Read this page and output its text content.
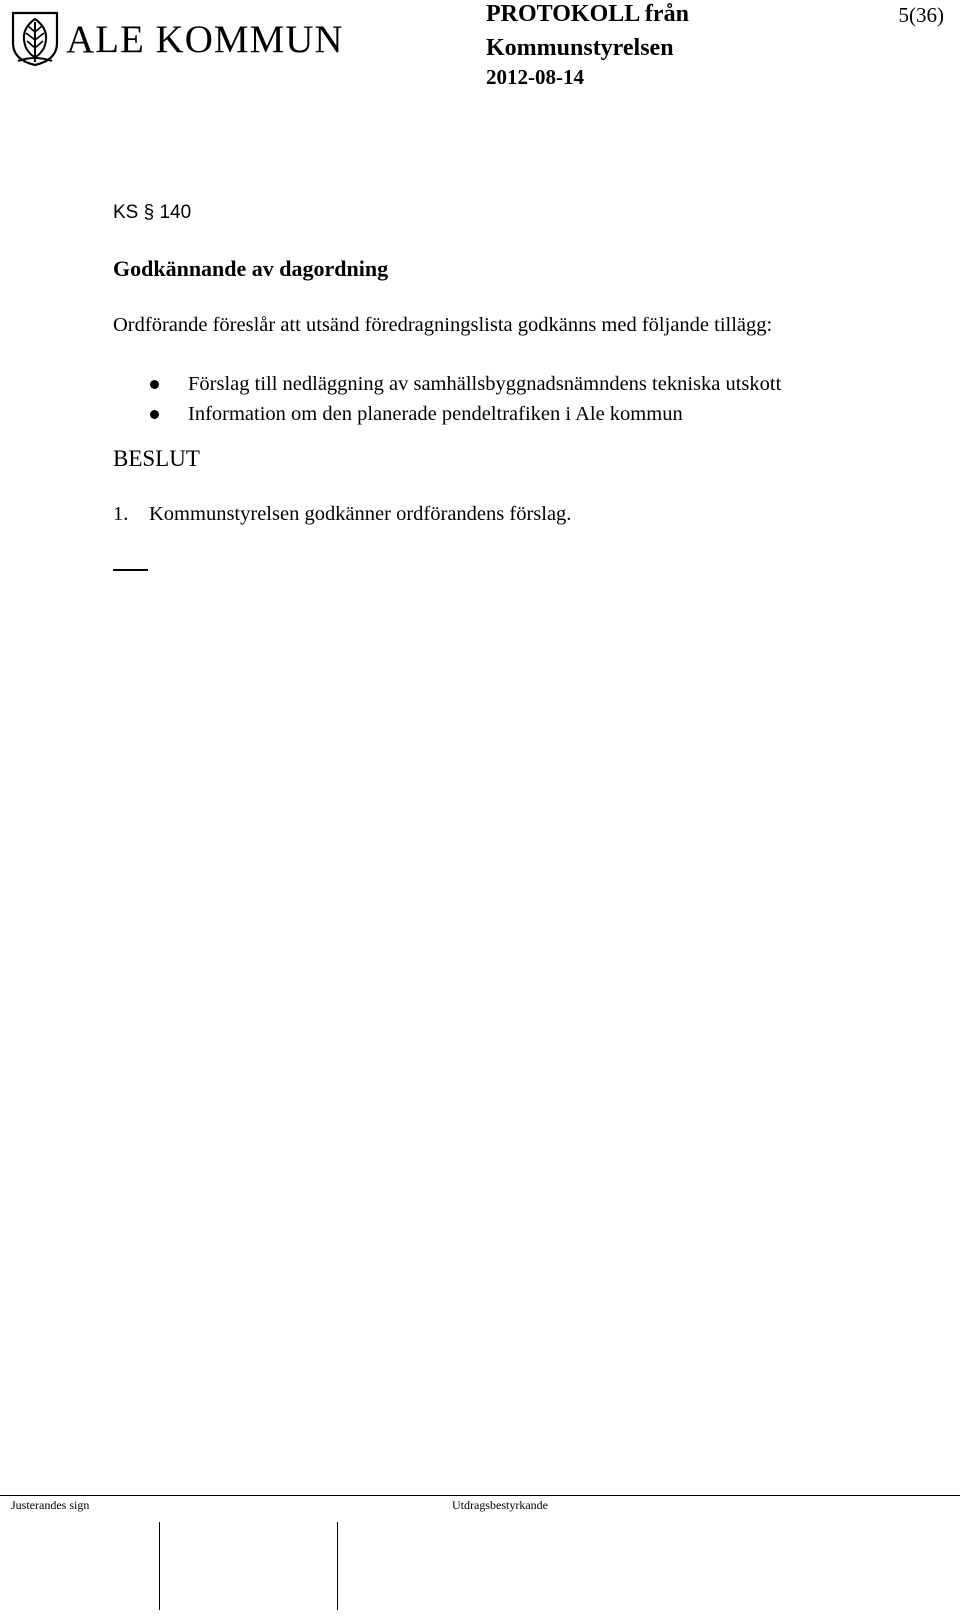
ALE KOMMUN
PROTOKOLL från
Kommunstyrelsen
2012-08-14
5(36)
KS § 140
Godkännande av dagordning
Ordförande föreslår att utsänd föredragningslista godkänns med följande tillägg:
Förslag till nedläggning av samhällsbyggnadsnämndens tekniska utskott
Information om den planerade pendeltrafiken i Ale kommun
BESLUT
1. Kommunstyrelsen godkänner ordförandens förslag.
Justerandes sign	Utdragsbestyrkande
